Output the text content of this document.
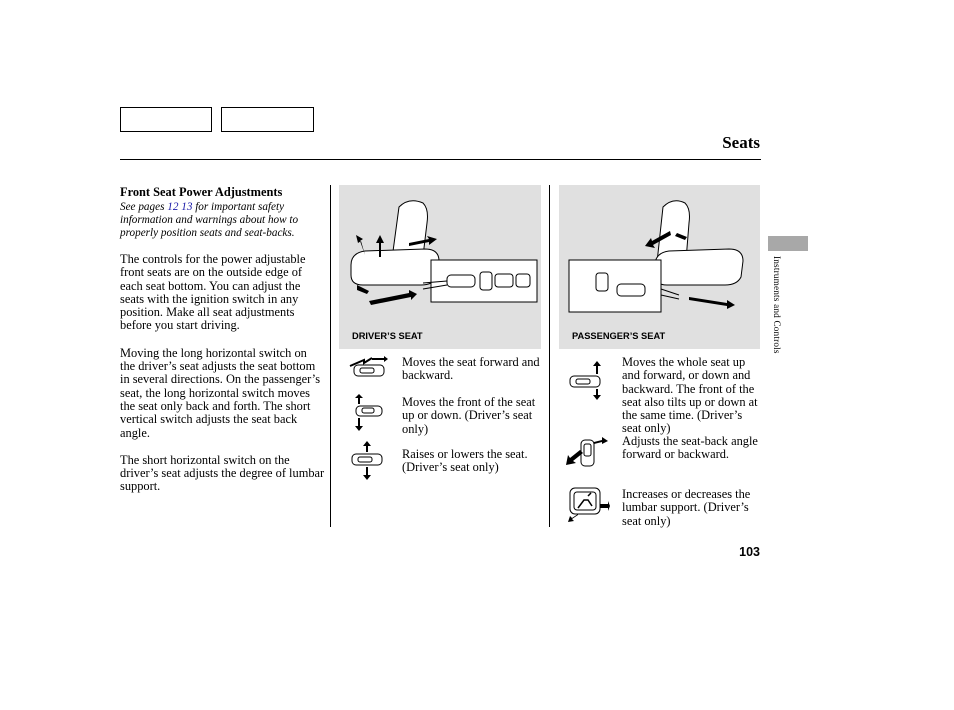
Seats
Front Seat Power Adjustments
See pages 12 13 for important safety information and warnings about how to properly position seats and seat-backs.
The controls for the power adjustable front seats are on the outside edge of each seat bottom. You can adjust the seats with the ignition switch in any position. Make all seat adjustments before you start driving.
Moving the long horizontal switch on the driver’s seat adjusts the seat bottom in several directions. On the passenger’s seat, the long horizontal switch moves the seat only back and forth. The short vertical switch adjusts the seat back angle.
The short horizontal switch on the driver’s seat adjusts the degree of lumbar support.
DRIVER’S SEAT	PASSENGER’S SEAT
Moves the seat forward and backward.
Moves the front of the seat up or down. (Driver’s seat only)
Raises or lowers the seat. (Driver’s seat only)
Moves the whole seat up and forward, or down and backward. The front of the seat also tilts up or down at the same time. (Driver’s seat only)
Adjusts the seat-back angle forward or backward.
Increases or decreases the lumbar support. (Driver’s seat only)
Instruments and Controls
103
